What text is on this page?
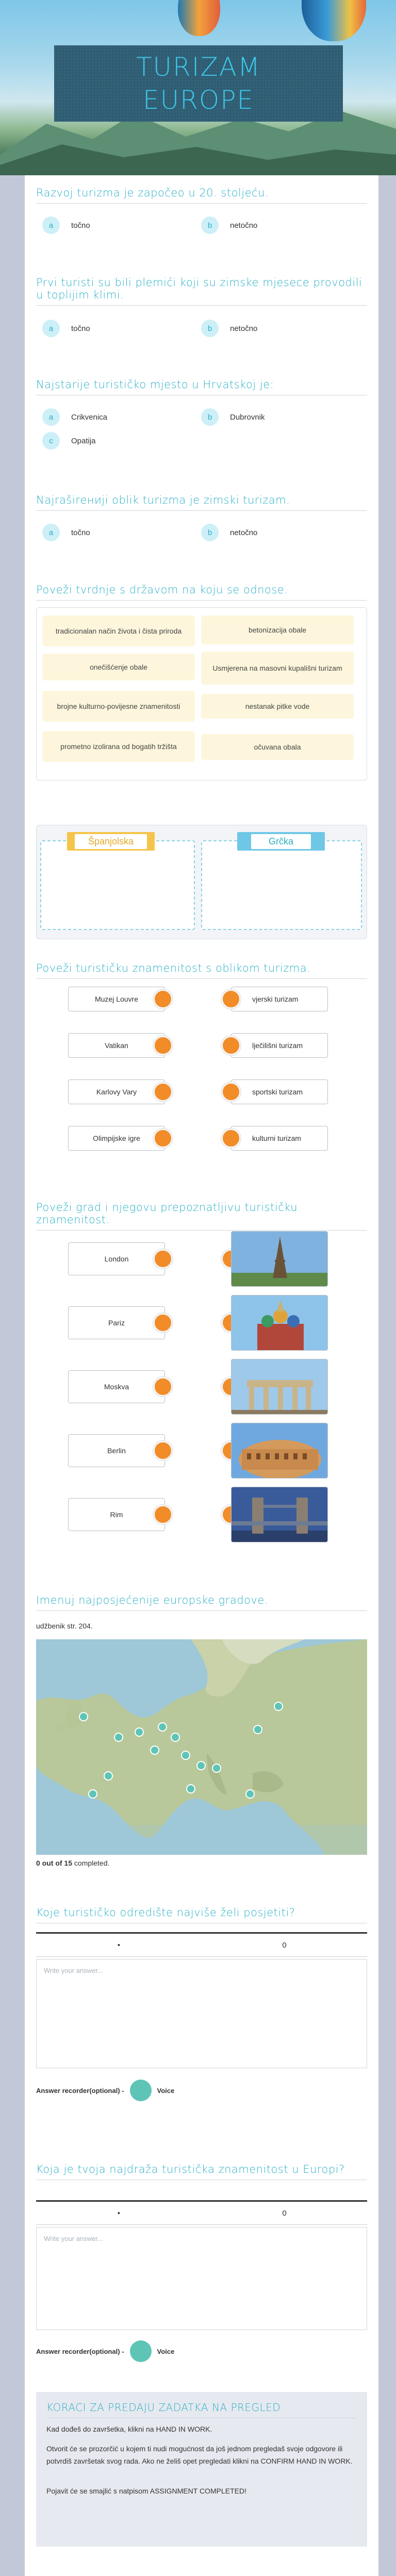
TURIZAM
EUROPE
Razvoj turizma je započeo u 20. stoljeću.
a	točno	b	netočno
Prvi turisti su bili plemići koji su zimske mjesece provodili u toplijim klimi.
a	točno	b	netočno
Najstarije turističko mjesto u Hrvatskoj je:
a	Crikvenica	b	Dubrovnik
c	Opatija
Najraširениji oblik turizma je zimski turizam.
a	točno	b	netočno
Poveži tvrdnje s državom na koju se odnose.
tradicionalan način života i čista priroda	betonizacija obale
onečišćenje obale	Usmjerena na masovni kupališni turizam
brojne kulturno-povijesne znamenitosti	nestanak pitke vode
prometno izolirana od bogatih tržišta	očuvana obala
Španjolska	Grčka
Poveži turističku znamenitost s oblikom turizma.
Muzej Louvre
Vatikan
Karlovy Vary
Olimpijske igre
vjerski turizam
lječilišni turizam
sportski turizam
kulturni turizam
Poveži grad i njegovu prepoznatljivu turističku znamenitost.
London
Pariz
Moskva
Berlin
Rim
Imenuj najposjećenije europske gradove.
udžbenik str. 204.
0 out of 15 completed.
Koje turističko odredište najviše želi posjetiti?
•	0
Write your answer...
Answer recorder (optional) -	Voice
Koja je tvoja najdraža turistička znamenitost u Europi?
•	0
Write your answer...
Answer recorder (optional) -	Voice
KORACI ZA PREDAJU ZADATKA NA PREGLED
Kad dođeš do završetka, klikni na HAND IN WORK.
Otvorit će se prozorčić u kojem ti nudi mogućnost da još jednom pregledaš svoje odgovore ili potvrdiš završetak svog rada. Ako ne želiš opet pregledati klikni na CONFIRM HAND IN WORK.
Pojavit će se smajlić s natpisom ASSIGNMENT COMPLETED!
